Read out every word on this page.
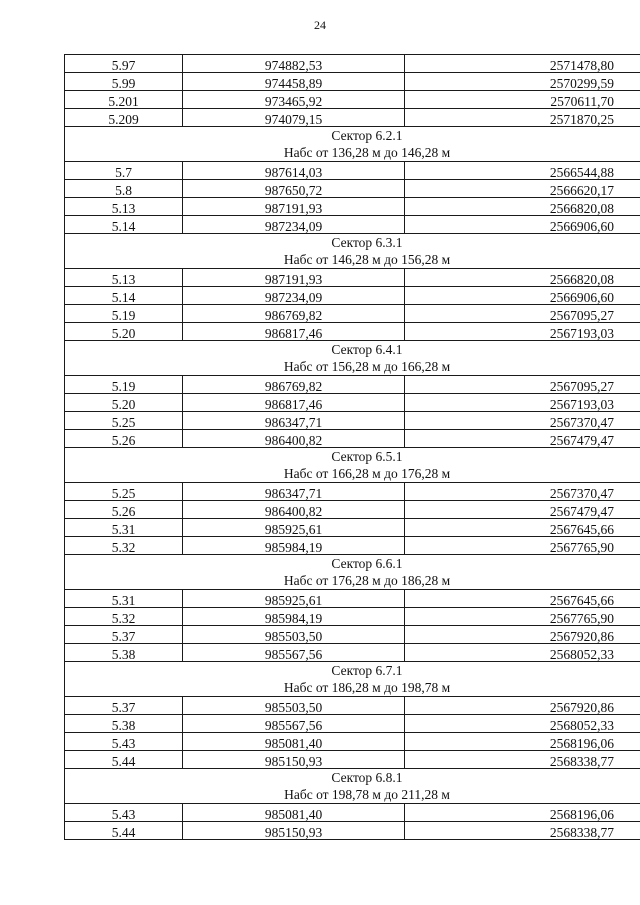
24
5.97	974882,53	2571478,80
5.99	974458,89	2570299,59
5.201	973465,92	2570611,70
5.209	974079,15	2571870,25

Сектор 6.2.1
Набс от 136,28 м до 146,28 м		

5.7	987614,03	2566544,88
5.8	987650,72	2566620,17
5.13	987191,93	2566820,08
5.14	987234,09	2566906,60

Сектор 6.3.1
Набс от 146,28 м до 156,28 м		

5.13	987191,93	2566820,08
5.14	987234,09	2566906,60
5.19	986769,82	2567095,27
5.20	986817,46	2567193,03

Сектор 6.4.1
Набс от 156,28 м до 166,28 м		

5.19	986769,82	2567095,27
5.20	986817,46	2567193,03
5.25	986347,71	2567370,47
5.26	986400,82	2567479,47

Сектор 6.5.1
Набс от 166,28 м до 176,28 м		

5.25	986347,71	2567370,47
5.26	986400,82	2567479,47
5.31	985925,61	2567645,66
5.32	985984,19	2567765,90

Сектор 6.6.1
Набс от 176,28 м до 186,28 м		

5.31	985925,61	2567645,66
5.32	985984,19	2567765,90
5.37	985503,50	2567920,86
5.38	985567,56	2568052,33

Сектор 6.7.1
Набс от 186,28 м до 198,78 м		

5.37	985503,50	2567920,86
5.38	985567,56	2568052,33
5.43	985081,40	2568196,06
5.44	985150,93	2568338,77

Сектор 6.8.1
Набс от 198,78 м до 211,28 м		

5.43	985081,40	2568196,06
5.44	985150,93	2568338,77
